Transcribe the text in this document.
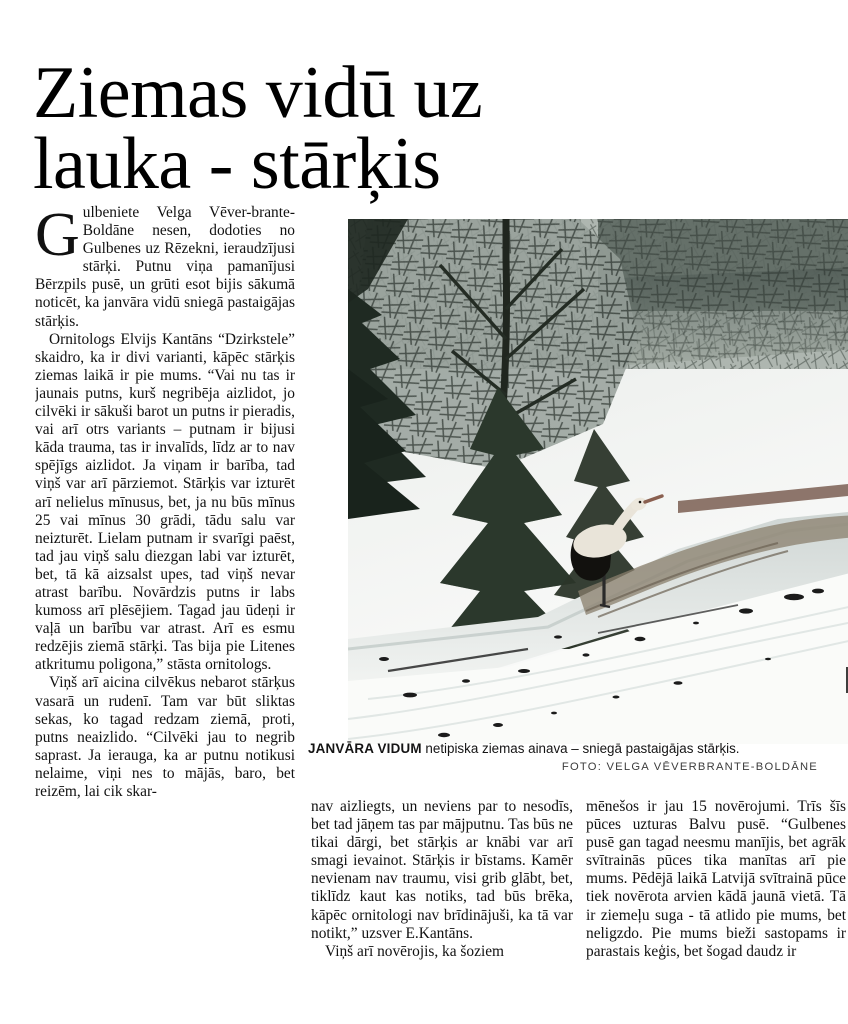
Ziemas vidū uz
lauka - stārķis

Gulbeniete Velga Vēver-brante-Boldāne nesen, dodoties no Gulbenes uz Rēzekni, ieraudzījusi stārķi. Putnu viņa pamanījusi Bērzpils pusē, un grūti esot bijis sākumā noticēt, ka janvāra vidū sniegā pastaigājas stārķis.

Ornitologs Elvijs Kantāns “Dzirkstele” skaidro, ka ir divi varianti, kāpēc stārķis ziemas laikā ir pie mums. “Vai nu tas ir jaunais putns, kurš negribēja aizlidot, jo cilvēki ir sākuši barot un putns ir pieradis, vai arī otrs variants – putnam ir bijusi kāda trauma, tas ir invalīds, līdz ar to nav spējīgs aizlidot. Ja viņam ir barība, tad viņš var arī pārziemot. Stārķis var izturēt arī nelielus mīnusus, bet, ja nu būs mīnus 25 vai mīnus 30 grādi, tādu salu var neizturēt. Lielam putnam ir svarīgi paēst, tad jau viņš salu diezgan labi var izturēt, bet, tā kā aizsalst upes, tad viņš nevar atrast barību. Novārdzis putns ir labs kumoss arī plēsējiem. Tagad jau ūdeņi ir vaļā un barību var atrast. Arī es esmu redzējis ziemā stārķi. Tas bija pie Litenes atkritumu poligona,” stāsta ornitologs.

Viņš arī aicina cilvēkus nebarot stārķus vasarā un rudenī. Tam var būt sliktas sekas, ko tagad redzam ziemā, proti, putns neaizlido. “Cilvēki jau to negrib saprast. Ja ierauga, ka ar putnu notikusi nelaime, viņi nes to mājās, baro, bet reizēm, lai cik skar-

JANVĀRA VIDUM netipiska ziemas ainava – sniegā pastaigājas stārķis.
FOTO: VELGA VĒVERBRANTE-BOLDĀNE

nav aizliegts, un neviens par to nesodīs, bet tad jāņem tas par mājputnu. Tas būs ne tikai dārgi, bet stārķis ar knābi var arī smagi ievainot. Stārķis ir bīstams. Kamēr nevienam nav traumu, visi grib glābt, bet, tiklīdz kaut kas notiks, tad būs brēka, kāpēc ornitologi nav brīdinājuši, ka tā var notikt,” uzsver E.Kantāns.

Viņš arī novērojis, ka šoziem

mēnešos ir jau 15 novērojumi. Trīs šīs pūces uzturas Balvu pusē. “Gulbenes pusē gan tagad neesmu manījis, bet agrāk svītrainās pūces tika manītas arī pie mums. Pēdējā laikā Latvijā svītrainā pūce tiek novērota arvien kādā jaunā vietā. Tā ir ziemeļu suga - tā atlido pie mums, bet neligzdo. Pie mums bieži sastopams ir parastais keģis, bet šogad daudz ir
